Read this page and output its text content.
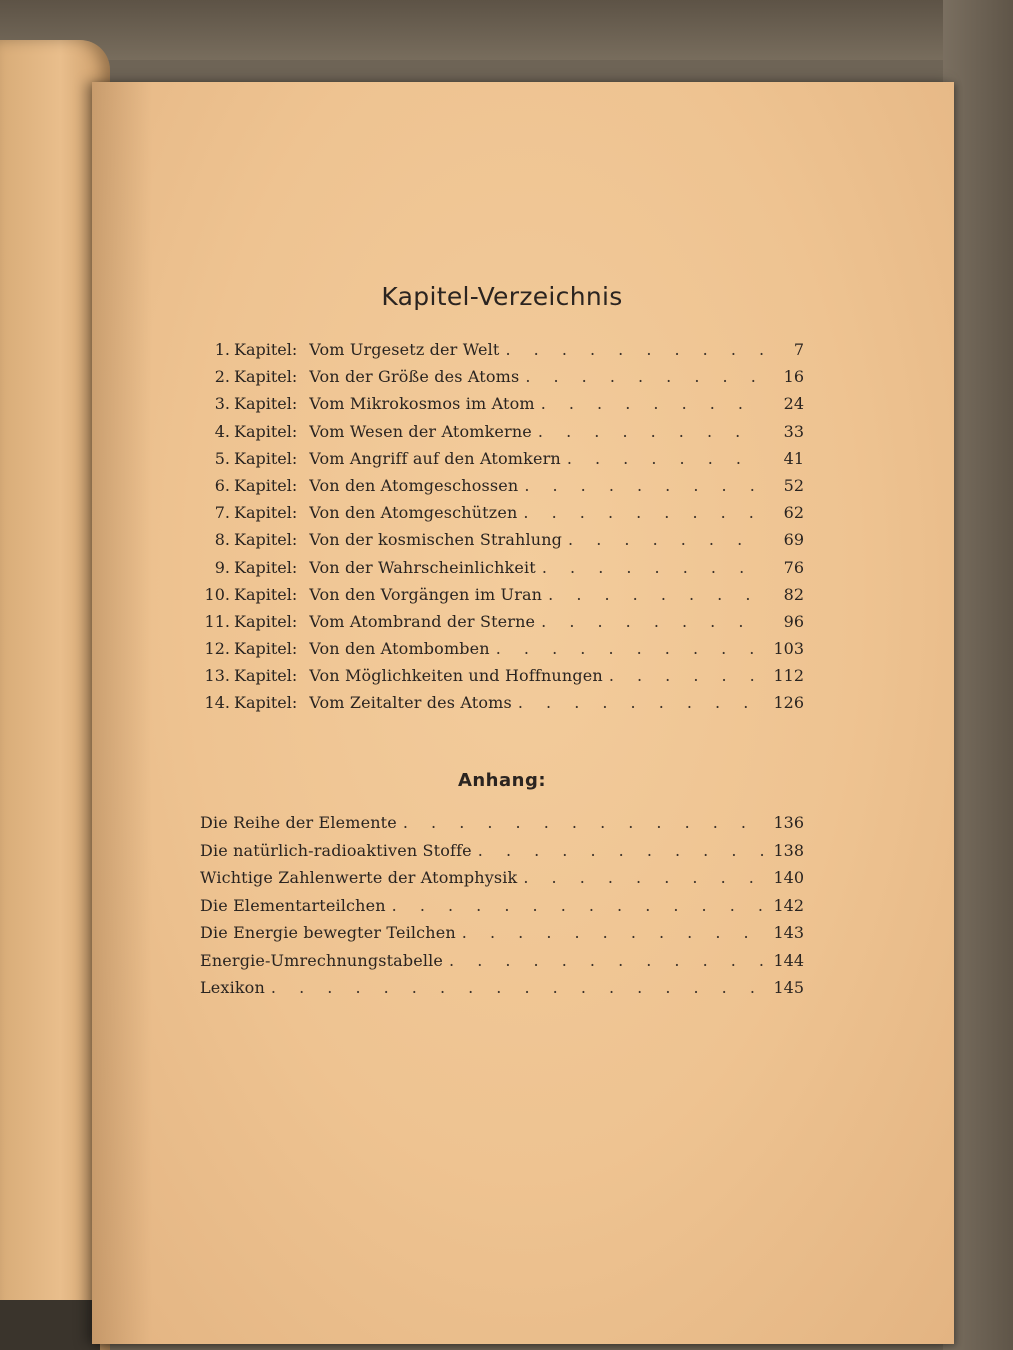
Kapitel-Verzeichnis
1. Kapitel: Vom Urgesetz der Welt . . .	7
2. Kapitel: Von der Größe des Atoms . . .	16
3. Kapitel: Vom Mikrokosmos im Atom . . .	24
4. Kapitel: Vom Wesen der Atomkerne . . .	33
5. Kapitel: Vom Angriff auf den Atomkern . . .	41
6. Kapitel: Von den Atomgeschossen . . .	52
7. Kapitel: Von den Atomgeschützen . . .	62
8. Kapitel: Von der kosmischen Strahlung . . .	69
9. Kapitel: Von der Wahrscheinlichkeit . . .	76
10. Kapitel: Von den Vorgängen im Uran . . .	82
11. Kapitel: Vom Atombrand der Sterne . . .	96
12. Kapitel: Von den Atombomben . . .	103
13. Kapitel: Von Möglichkeiten und Hoffnungen . . .	112
14. Kapitel: Vom Zeitalter des Atoms . . .	126
Anhang:
Die Reihe der Elemente . . .	136
Die natürlich-radioaktiven Stoffe . . .	138
Wichtige Zahlenwerte der Atomphysik . . .	140
Die Elementarteilchen . . .	142
Die Energie bewegter Teilchen . . .	143
Energie-Umrechnungstabelle . . .	144
Lexikon . . .	145
